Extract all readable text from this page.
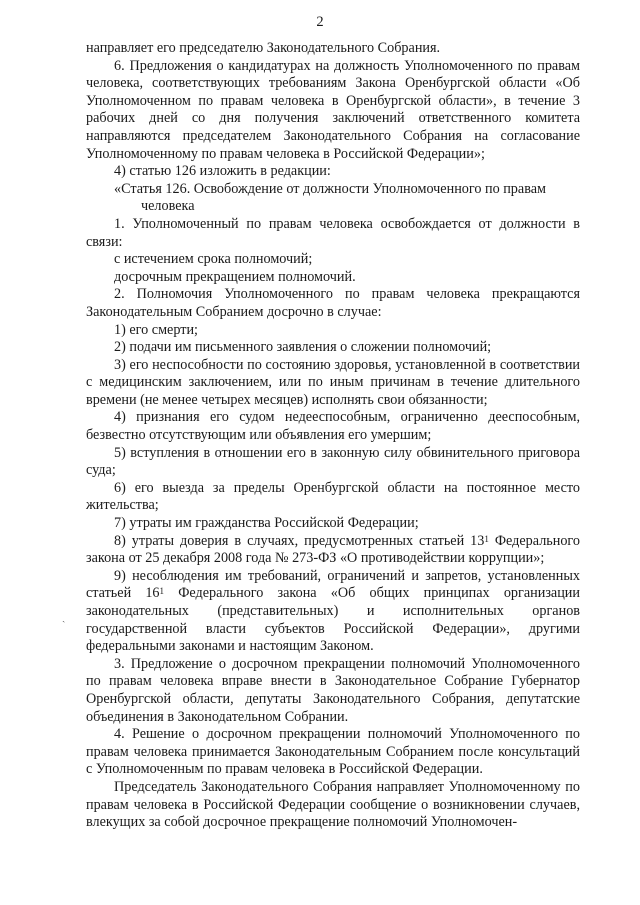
2

направляет его председателю Законодательного Собрания.

6. Предложения о кандидатурах на должность Уполномоченного по правам человека, соответствующих требованиям Закона Оренбургской области «Об Уполномоченном по правам человека в Оренбургской области», в течение 3 рабочих дней со дня получения заключений ответственного комитета направляются председателем Законодательного Собрания на согласование Уполномоченному по правам человека в Российской Федерации»;

4) статью 126 изложить в редакции:

«Статья 126. Освобождение от должности Уполномоченного по правам

человека

1. Уполномоченный по правам человека освобождается от должности в связи:

с истечением срока полномочий;

досрочным прекращением полномочий.

2. Полномочия Уполномоченного по правам человека прекращаются Законодательным Собранием досрочно в случае:

1) его смерти;

2) подачи им письменного заявления о сложении полномочий;

3) его неспособности по состоянию здоровья, установленной в соответствии с медицинским заключением, или по иным причинам в течение длительного времени (не менее четырех месяцев) исполнять свои обязанности;

4) признания его судом недееспособным, ограниченно дееспособным, безвестно отсутствующим или объявления его умершим;

5) вступления в отношении его в законную силу обвинительного приговора суда;

6) его выезда за пределы Оренбургской области на постоянное место жительства;

7) утраты им гражданства Российской Федерации;

8) утраты доверия в случаях, предусмотренных статьей $13^1$ Федерального закона от 25 декабря 2008 года № 273-ФЗ «О противодействии коррупции»;

9) несоблюдения им требований, ограничений и запретов, установленных статьей $16^1$ Федерального закона «Об общих принципах организации законодательных (представительных) и исполнительных органов государственной власти субъектов Российской Федерации», другими федеральными законами и настоящим Законом.

3. Предложение о досрочном прекращении полномочий Уполномоченного по правам человека вправе внести в Законодательное Собрание Губернатор Оренбургской области, депутаты Законодательного Собрания, депутатские объединения в Законодательном Собрании.

4. Решение о досрочном прекращении полномочий Уполномоченного по правам человека принимается Законодательным Собранием после консультаций с Уполномоченным по правам человека в Российской Федерации.

Председатель Законодательного Собрания направляет Уполномоченному по правам человека в Российской Федерации сообщение о возникновении случаев, влекущих за собой досрочное прекращение полномочий Уполномочен-

ˏ
